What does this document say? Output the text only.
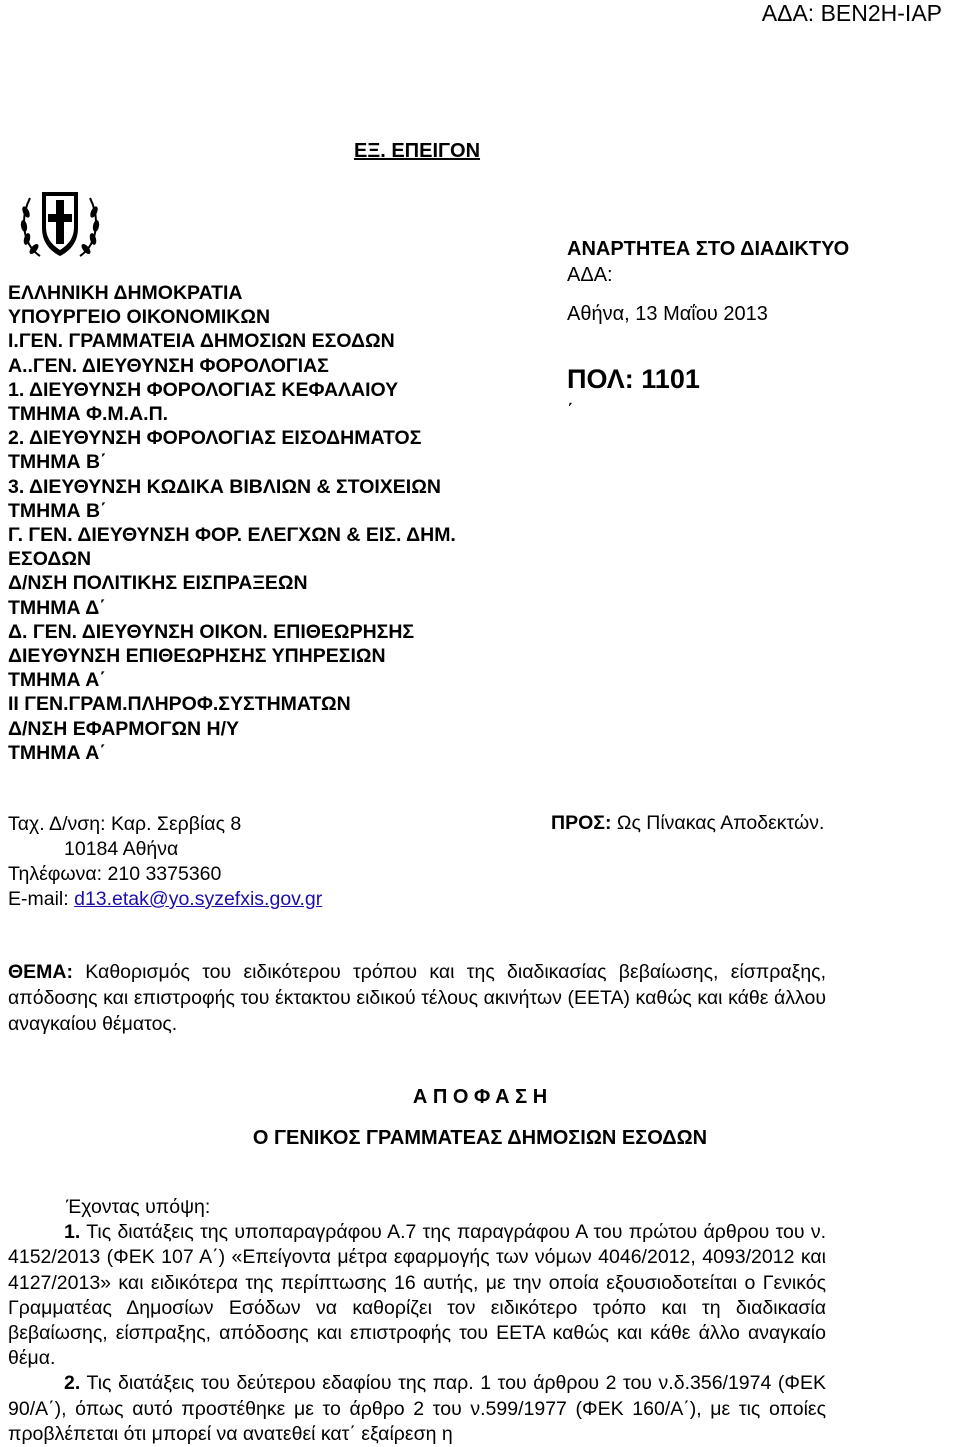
ΑΔΑ: ΒΕΝ2Η-ΙΑΡ
ΕΞ. ΕΠΕΙΓΟΝ
ΕΛΛΗΝΙΚΗ ΔΗΜΟΚΡΑΤΙΑ
ΥΠΟΥΡΓΕΙΟ ΟΙΚΟΝΟΜΙΚΩΝ
Ι.ΓΕΝ. ΓΡΑΜΜΑΤΕΙΑ ΔΗΜΟΣΙΩΝ ΕΣΟΔΩΝ
Α..ΓΕΝ. ΔΙΕΥΘΥΝΣΗ ΦΟΡΟΛΟΓΙΑΣ
1. ΔΙΕΥΘΥΝΣΗ ΦΟΡΟΛΟΓΙΑΣ ΚΕΦΑΛΑΙΟΥ
ΤΜΗΜΑ Φ.Μ.Α.Π.
2. ΔΙΕΥΘΥΝΣΗ ΦΟΡΟΛΟΓΙΑΣ ΕΙΣΟΔΗΜΑΤΟΣ
ΤΜΗΜΑ Β΄
3. ΔΙΕΥΘΥΝΣΗ ΚΩΔΙΚΑ ΒΙΒΛΙΩΝ & ΣΤΟΙΧΕΙΩΝ
ΤΜΗΜΑ Β΄
Γ. ΓΕΝ. ΔΙΕΥΘΥΝΣΗ ΦΟΡ. ΕΛΕΓΧΩΝ & ΕΙΣ. ΔΗΜ.
ΕΣΟΔΩΝ
Δ/ΝΣΗ ΠΟΛΙΤΙΚΗΣ ΕΙΣΠΡΑΞΕΩΝ
ΤΜΗΜΑ Δ΄
Δ. ΓΕΝ. ΔΙΕΥΘΥΝΣΗ ΟΙΚΟΝ. ΕΠΙΘΕΩΡΗΣΗΣ
ΔΙΕΥΘΥΝΣΗ ΕΠΙΘΕΩΡΗΣΗΣ ΥΠΗΡΕΣΙΩΝ
ΤΜΗΜΑ Α΄
ΙΙ ΓΕΝ.ΓΡΑΜ.ΠΛΗΡΟΦ.ΣΥΣΤΗΜΑΤΩΝ
Δ/ΝΣΗ ΕΦΑΡΜΟΓΩΝ Η/Υ
ΤΜΗΜΑ Α΄
ΑΝΑΡΤΗΤΕΑ ΣΤΟ ΔΙΑΔΙΚΤΥΟ
ΑΔΑ:
Αθήνα, 13 Μαΐου 2013
ΠΟΛ: 1101
΄
Ταχ. Δ/νση: Καρ. Σερβίας 8
10184 Αθήνα
Τηλέφωνα: 210 3375360
E-mail: d13.etak@yo.syzefxis.gov.gr
ΠΡΟΣ: Ως Πίνακας Αποδεκτών.
ΘΕΜΑ: Καθορισμός του ειδικότερου τρόπου και της διαδικασίας βεβαίωσης, είσπραξης, απόδοσης και επιστροφής του έκτακτου ειδικού τέλους ακινήτων (ΕΕΤΑ) καθώς και κάθε άλλου αναγκαίου θέματος.
Α Π Ο Φ Α Σ Η
Ο ΓΕΝΙΚΟΣ ΓΡΑΜΜΑΤΕΑΣ ΔΗΜΟΣΙΩΝ ΕΣΟΔΩΝ
Έχοντας υπόψη:

1. Τις διατάξεις της υποπαραγράφου Α.7 της παραγράφου Α του πρώτου άρθρου του ν. 4152/2013 (ΦΕΚ 107 Α΄) «Επείγοντα μέτρα εφαρμογής των νόμων 4046/2012, 4093/2012 και 4127/2013» και ειδικότερα της περίπτωσης 16 αυτής, με την οποία εξουσιοδοτείται ο Γενικός Γραμματέας Δημοσίων Εσόδων να καθορίζει τον ειδικότερο τρόπο και τη διαδικασία βεβαίωσης, είσπραξης, απόδοσης και επιστροφής του ΕΕΤΑ καθώς και κάθε άλλο αναγκαίο θέμα.

2. Τις διατάξεις του δεύτερου εδαφίου της παρ. 1 του άρθρου 2 του ν.δ.356/1974 (ΦΕΚ 90/Α΄), όπως αυτό προστέθηκε με το άρθρο 2 του ν.599/1977 (ΦΕΚ 160/Α΄), με τις οποίες προβλέπεται ότι μπορεί να ανατεθεί κατ΄ εξαίρεση η
